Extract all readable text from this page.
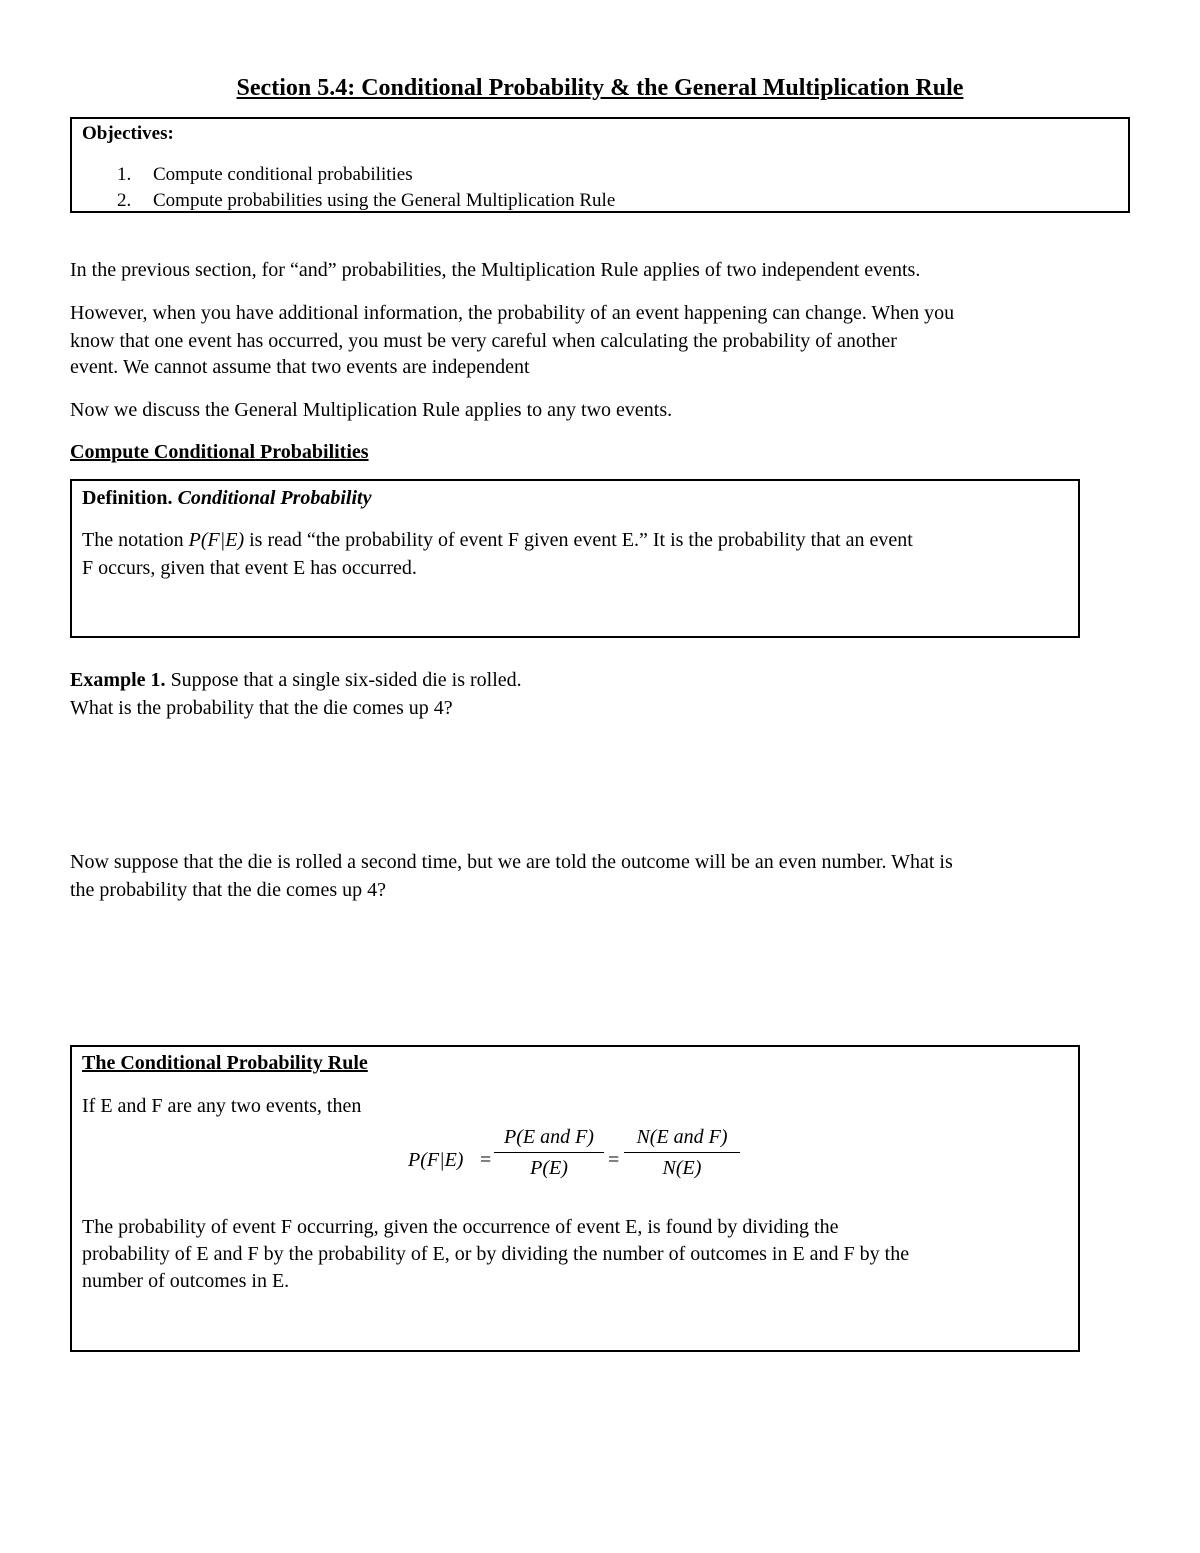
Section 5.4: Conditional Probability & the General Multiplication Rule
Objectives:
1. Compute conditional probabilities
2. Compute probabilities using the General Multiplication Rule
In the previous section, for “and” probabilities, the Multiplication Rule applies of two independent events.
However, when you have additional information, the probability of an event happening can change. When you
know that one event has occurred, you must be very careful when calculating the probability of another
event. We cannot assume that two events are independent
Now we discuss the General Multiplication Rule applies to any two events.
Compute Conditional Probabilities
Definition. Conditional Probability
The notation P(F|E) is read “the probability of event F given event E.” It is the probability that an event
F occurs, given that event E has occurred.
Example 1. Suppose that a single six-sided die is rolled.
What is the probability that the die comes up 4?
Now suppose that the die is rolled a second time, but we are told the outcome will be an even number. What is
the probability that the die comes up 4?
The Conditional Probability Rule
If E and F are any two events, then
P(F|E) =
P(E and F)
P(E)	=
N(E and F)
N(E)
The probability of event F occurring, given the occurrence of event E, is found by dividing the
probability of E and F by the probability of E, or by dividing the number of outcomes in E and F by the
number of outcomes in E.
